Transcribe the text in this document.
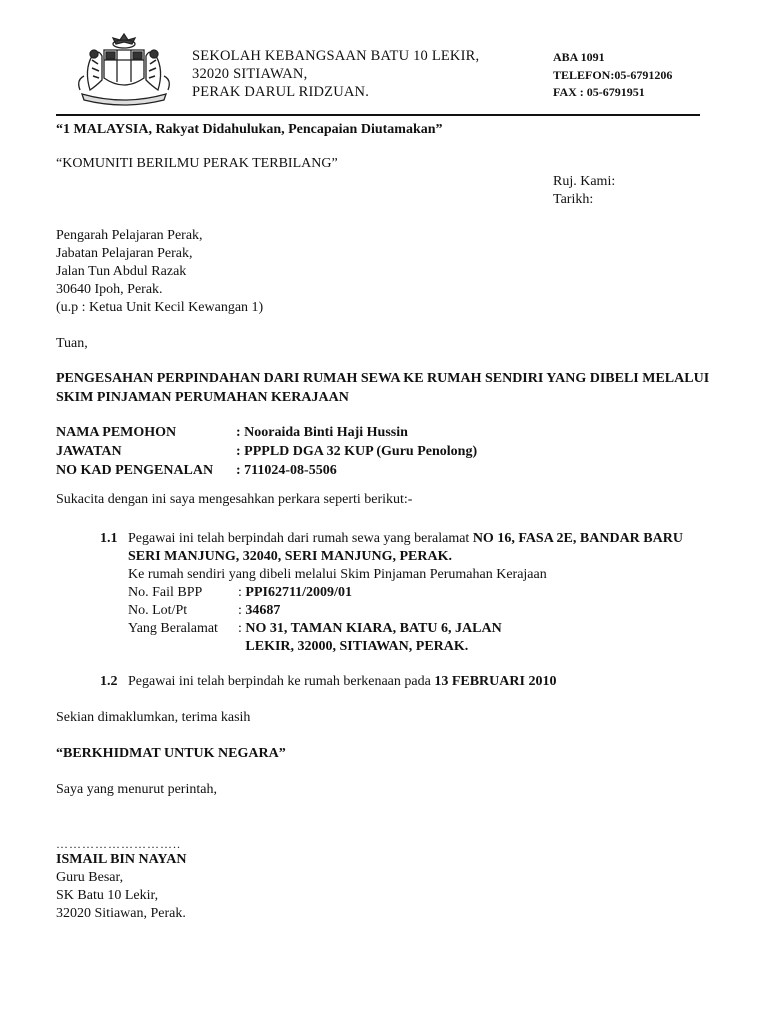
SEKOLAH KEBANGSAAN BATU 10 LEKIR,
32020 SITIAWAN,
PERAK DARUL RIDZUAN.
ABA 1091
TELEFON:05-6791206
FAX : 05-6791951
“1 MALAYSIA, Rakyat Didahulukan, Pencapaian Diutamakan”
“KOMUNITI BERILMU PERAK TERBILANG”
Ruj. Kami:
Tarikh:
Pengarah Pelajaran Perak,
Jabatan Pelajaran Perak,
Jalan Tun Abdul Razak
30640 Ipoh, Perak.
(u.p : Ketua Unit Kecil Kewangan 1)
Tuan,
PENGESAHAN PERPINDAHAN DARI RUMAH SEWA KE RUMAH SENDIRI YANG DIBELI MELALUI SKIM PINJAMAN PERUMAHAN KERAJAAN
NAMA PEMOHON	: Nooraida Binti Haji Hussin
JAWATAN	: PPPLD DGA 32 KUP (Guru Penolong)
NO KAD PENGENALAN	: 711024-08-5506
Sukacita dengan ini saya mengesahkan perkara seperti berikut:-
1.1 Pegawai ini telah berpindah dari rumah sewa yang beralamat NO 16, FASA 2E, BANDAR BARU SERI MANJUNG, 32040, SERI MANJUNG, PERAK.
Ke rumah sendiri yang dibeli melalui Skim Pinjaman Perumahan Kerajaan
No. Fail BPP	: PPI62711/2009/01
No. Lot/Pt	: 34687
Yang Beralamat	: NO 31, TAMAN KIARA, BATU 6, JALAN LEKIR, 32000, SITIAWAN, PERAK.
1.2 Pegawai ini telah berpindah ke rumah berkenaan pada 13 FEBRUARI 2010
Sekian dimaklumkan, terima kasih
“BERKHIDMAT UNTUK NEGARA”
Saya yang menurut perintah,
………………………..
ISMAIL BIN NAYAN
Guru Besar,
SK Batu 10 Lekir,
32020 Sitiawan, Perak.
